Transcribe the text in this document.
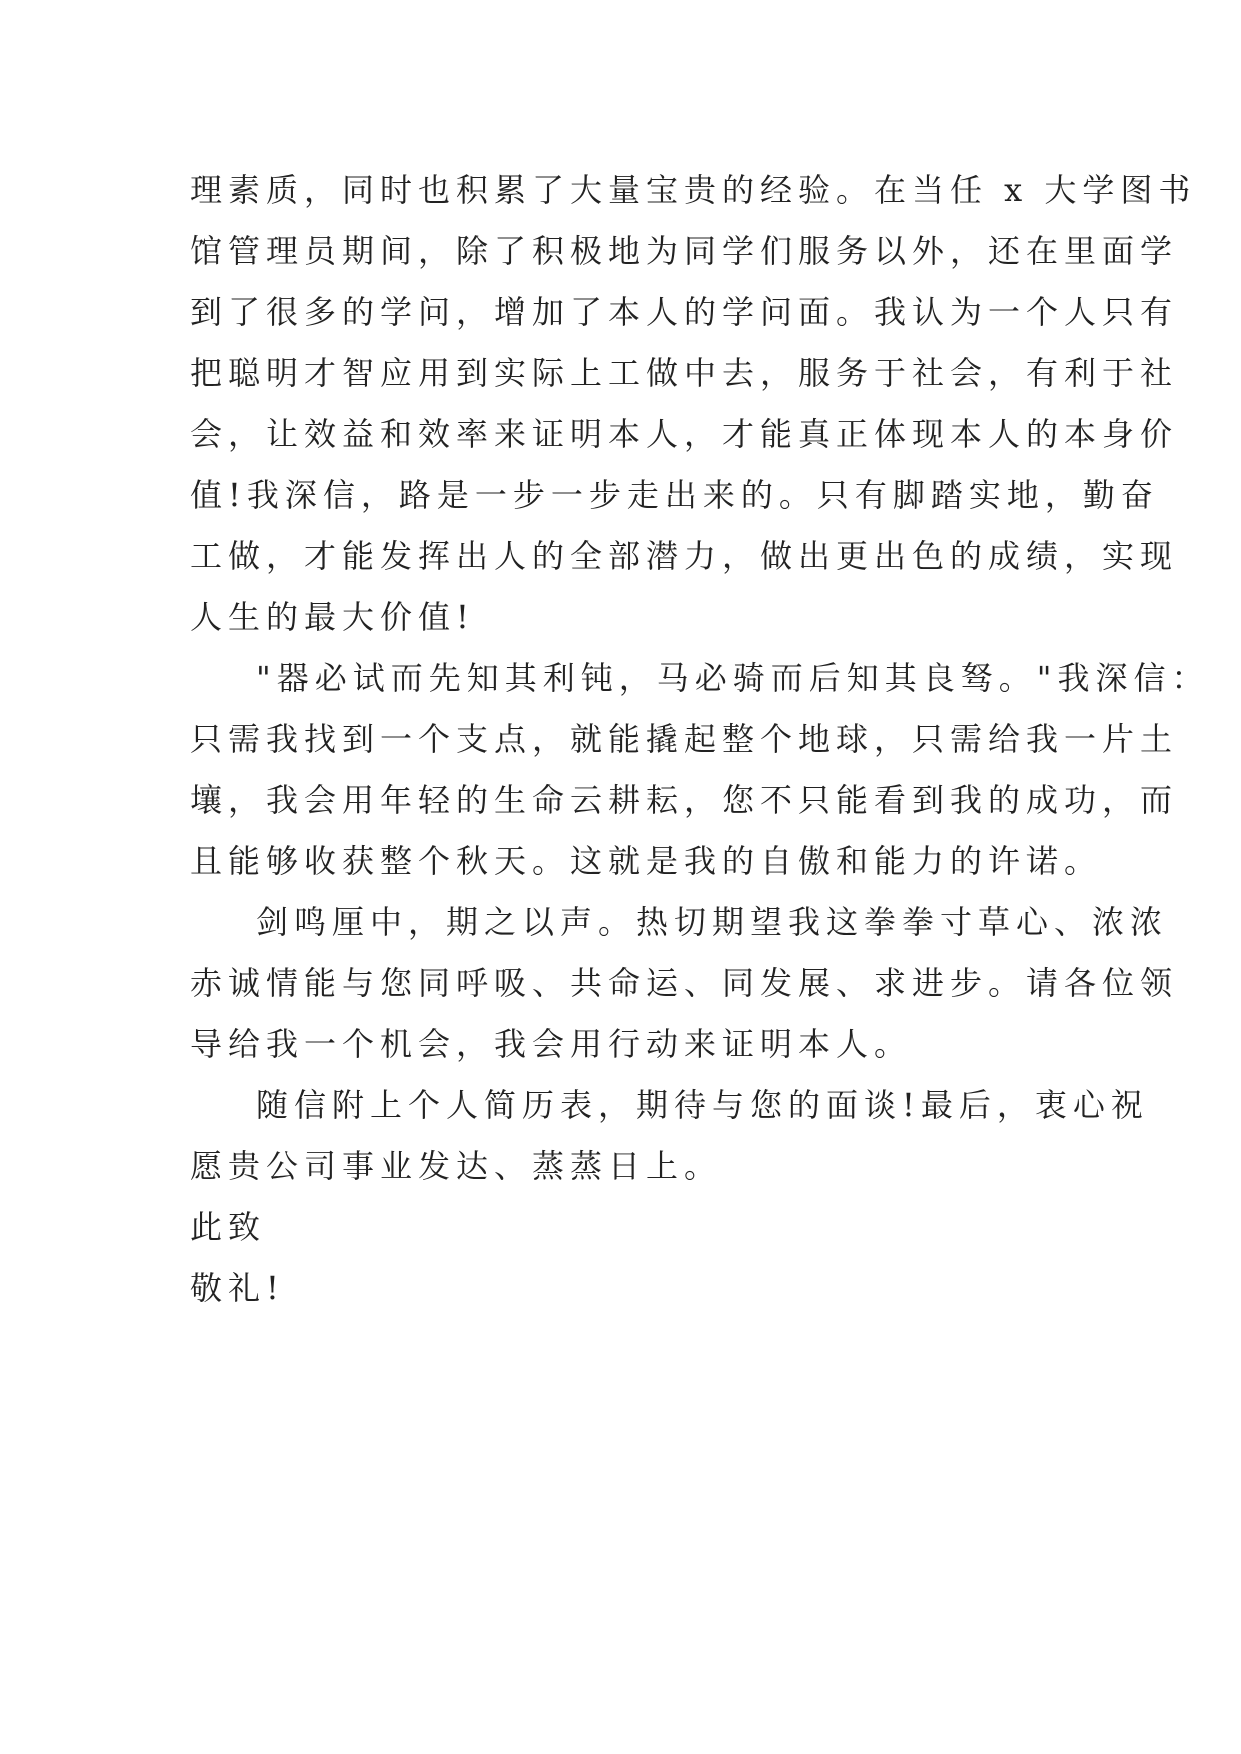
理素质，同时也积累了大量宝贵的经验。在当任 x 大学图书
馆管理员期间，除了积极地为同学们服务以外，还在里面学
到了很多的学问，增加了本人的学问面。我认为一个人只有
把聪明才智应用到实际上工做中去，服务于社会，有利于社
会，让效益和效率来证明本人，才能真正体现本人的本身价
值!我深信，路是一步一步走出来的。只有脚踏实地，勤奋
工做，才能发挥出人的全部潜力，做出更出色的成绩，实现
人生的最大价值!
"器必试而先知其利钝，马必骑而后知其良驽。"我深信：
只需我找到一个支点，就能撬起整个地球，只需给我一片土
壤，我会用年轻的生命云耕耘，您不只能看到我的成功，而
且能够收获整个秋天。这就是我的自傲和能力的许诺。
剑鸣厘中，期之以声。热切期望我这拳拳寸草心、浓浓
赤诚情能与您同呼吸、共命运、同发展、求进步。请各位领
导给我一个机会，我会用行动来证明本人。
随信附上个人简历表，期待与您的面谈!最后，衷心祝
愿贵公司事业发达、蒸蒸日上。
此致
敬礼!
